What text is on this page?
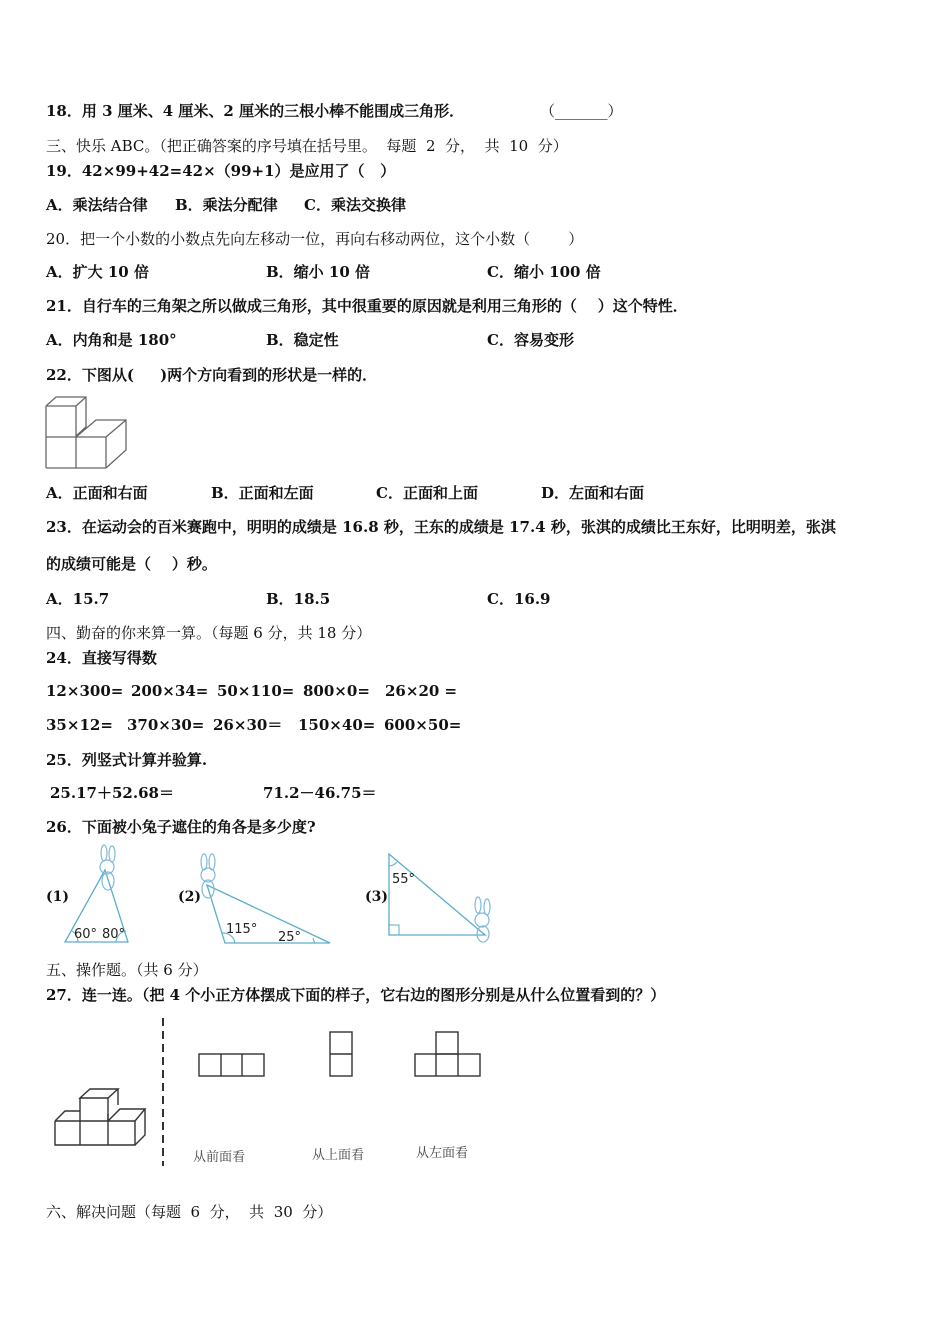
18．用 3 厘米、4 厘米、2 厘米的三根小棒不能围成三角形．	（_______）
三、快乐 ABC。（把正确答案的序号填在括号里。  每题  2  分，  共  10  分）
19．42×99+42=42×（99+1）是应用了（   ）
A．乘法结合律 B．乘法分配律 C．乘法交换律
20．把一个小数的小数点先向左移动一位，再向右移动两位，这个小数（        ）
A．扩大 10 倍	B．缩小 10 倍	C．缩小 100 倍
21．自行车的三角架之所以做成三角形，其中很重要的原因就是利用三角形的（    ）这个特性．
A．内角和是 180°	B．稳定性	C．容易变形
22．下图从(     )两个方向看到的形状是一样的．
A．正面和右面	B．正面和左面	C．正面和上面	D．左面和右面
23．在运动会的百米赛跑中，明明的成绩是 16.8 秒，王东的成绩是 17.4 秒，张淇的成绩比王东好，比明明差，张淇
的成绩可能是（    ）秒。
A．15.7	B．18.5	C．16.9
四、勤奋的你来算一算。（每题 6 分，共 18 分）
24．直接写得数
12×300= 200×34= 50×110= 800×0= 26×20 =
35×12= 370×30= 26×30＝ 150×40= 600×50=
25．列竖式计算并验算.
25.17＋52.68＝	71.2－46.75＝
26．下面被小兔子遮住的角各是多少度?
(1)
60° 80°
(2)
115°
25°
(3)
55°
五、操作题。（共 6 分）
27．连一连。（把 4 个小正方体摆成下面的样子，它右边的图形分别是从什么位置看到的？）
从前面看	从上面看	从左面看
六、解决问题（每题  6  分，  共  30  分）
